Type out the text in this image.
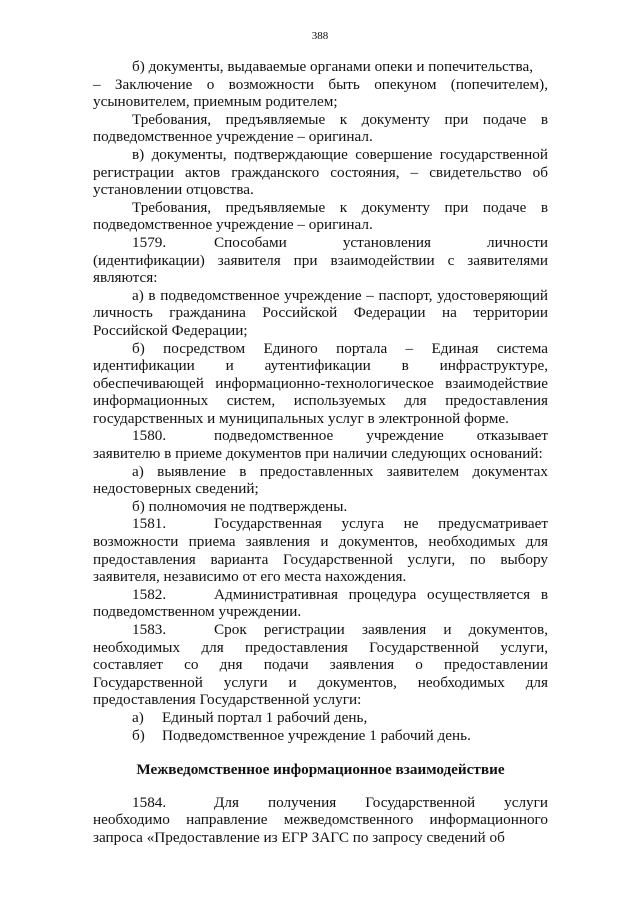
388

б) документы, выдаваемые органами опеки и попечительства,

– Заключение о возможности быть опекуном (попечителем), усыновителем, приемным родителем;

Требования, предъявляемые к документу при подаче в подведомственное учреждение – оригинал.

в) документы, подтверждающие совершение государственной регистрации актов гражданского состояния, – свидетельство об установлении отцовства.

Требования, предъявляемые к документу при подаче в подведомственное учреждение – оригинал.

1579.	Способами установления личности (идентификации) заявителя при взаимодействии с заявителями являются:

а) в подведомственное учреждение – паспорт, удостоверяющий личность гражданина Российской Федерации на территории Российской Федерации;

б) посредством Единого портала – Единая система идентификации и аутентификации в инфраструктуре, обеспечивающей информационно-технологическое взаимодействие информационных систем, используемых для предоставления государственных и муниципальных услуг в электронной форме.

1580.	подведомственное учреждение отказывает заявителю в приеме документов при наличии следующих оснований:

а) выявление в предоставленных заявителем документах недостоверных сведений;

б) полномочия не подтверждены.

1581.	Государственная услуга не предусматривает возможности приема заявления и документов, необходимых для предоставления варианта Государственной услуги, по выбору заявителя, независимо от его места нахождения.

1582.	Административная процедура осуществляется в подведомственном учреждении.

1583.	Срок регистрации заявления и документов, необходимых для предоставления Государственной услуги, составляет со дня подачи заявления о предоставлении Государственной услуги и документов, необходимых для предоставления Государственной услуги:

а)	Единый портал 1 рабочий день,
б)	Подведомственное учреждение 1 рабочий день.
Межведомственное информационное взаимодействие

1584.	Для получения Государственной услуги необходимо направление межведомственного информационного запроса «Предоставление из ЕГР ЗАГС по запросу сведений об
